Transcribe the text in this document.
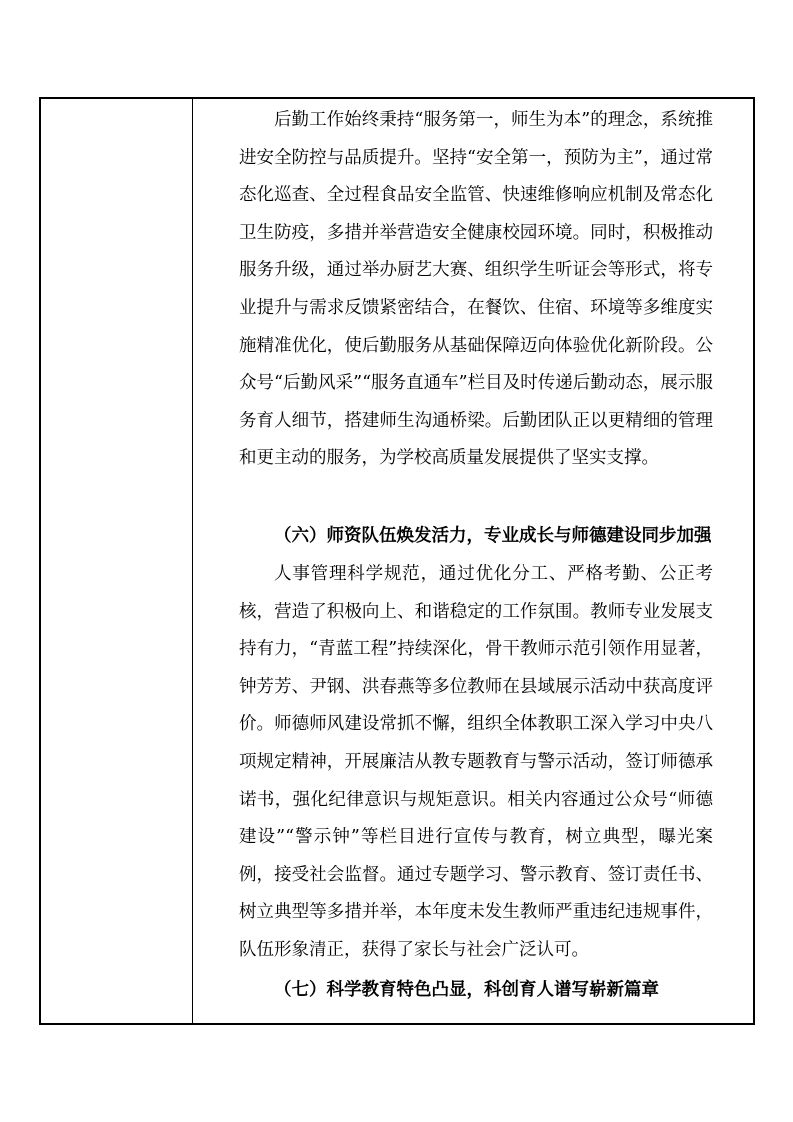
后勤工作始终秉持“服务第一，师生为本”的理念，系统推进安全防控与品质提升。坚持“安全第一，预防为主”，通过常态化巡查、全过程食品安全监管、快速维修响应机制及常态化卫生防疫，多措并举营造安全健康校园环境。同时，积极推动服务升级，通过举办厨艺大赛、组织学生听证会等形式，将专业提升与需求反馈紧密结合，在餐饮、住宿、环境等多维度实施精准优化，使后勤服务从基础保障迈向体验优化新阶段。公众号“后勤风采”“服务直通车”栏目及时传递后勤动态，展示服务育人细节，搭建师生沟通桥梁。后勤团队正以更精细的管理和更主动的服务，为学校高质量发展提供了坚实支撑。

（六）师资队伍焕发活力，专业成长与师德建设同步加强

人事管理科学规范，通过优化分工、严格考勤、公正考核，营造了积极向上、和谐稳定的工作氛围。教师专业发展支持有力，“青蓝工程”持续深化，骨干教师示范引领作用显著，钟芳芳、尹钢、洪春燕等多位教师在县域展示活动中获高度评价。师德师风建设常抓不懈，组织全体教职工深入学习中央八项规定精神，开展廉洁从教专题教育与警示活动，签订师德承诺书，强化纪律意识与规矩意识。相关内容通过公众号“师德建设”“警示钟”等栏目进行宣传与教育，树立典型，曝光案例，接受社会监督。通过专题学习、警示教育、签订责任书、树立典型等多措并举，本年度未发生教师严重违纪违规事件，队伍形象清正，获得了家长与社会广泛认可。

（七）科学教育特色凸显，科创育人谱写崭新篇章
